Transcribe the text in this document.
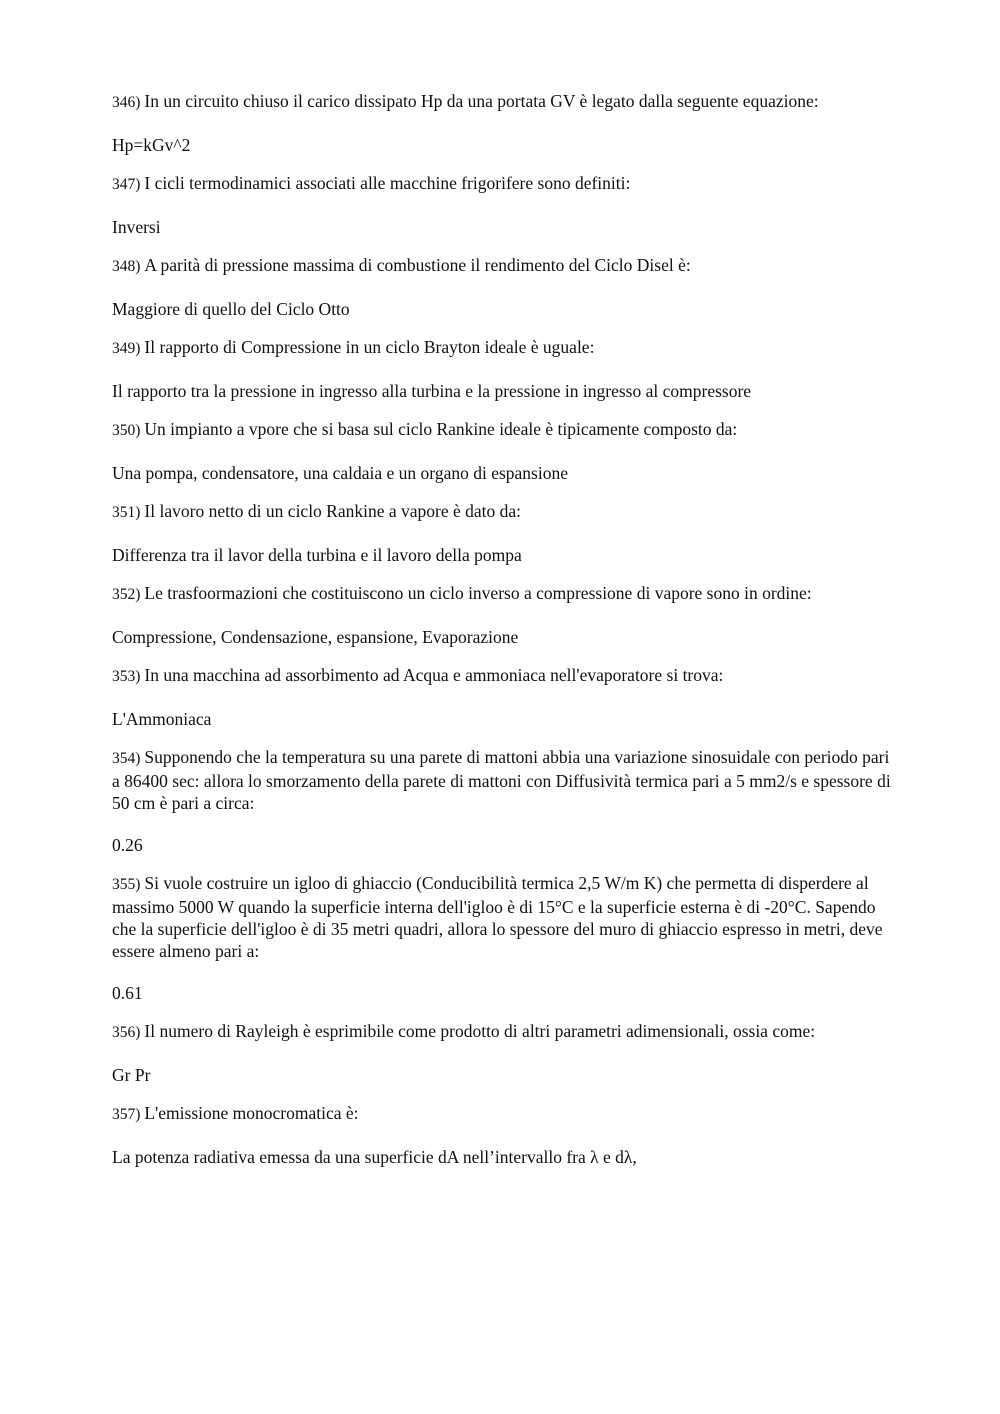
346) In un circuito chiuso il carico dissipato Hp da una portata GV è legato dalla seguente equazione:

Hp=kGv^2

347) I cicli termodinamici associati alle macchine frigorifere sono definiti:

Inversi

348) A parità di pressione massima di combustione il rendimento del Ciclo Disel è:

Maggiore di quello del Ciclo Otto

349) Il rapporto di Compressione in un ciclo Brayton ideale è uguale:

Il rapporto tra la pressione in ingresso alla turbina e la pressione in ingresso al compressore

350) Un impianto a vpore che si basa sul ciclo Rankine ideale è tipicamente composto da:

Una pompa, condensatore, una caldaia e un organo di espansione

351) Il lavoro netto di un ciclo Rankine a vapore è dato da:

Differenza tra il lavor della turbina e il lavoro della pompa

352) Le trasfoormazioni che costituiscono un ciclo inverso a compressione di vapore sono in ordine:

Compressione, Condensazione, espansione, Evaporazione

353) In una macchina ad assorbimento ad Acqua e ammoniaca nell'evaporatore si trova:

L'Ammoniaca

354) Supponendo che la temperatura su una parete di mattoni abbia una variazione sinosuidale con periodo pari a 86400 sec: allora lo smorzamento della parete di mattoni con Diffusività termica pari a 5 mm2/s e spessore di 50 cm è pari a circa:

0.26

355) Si vuole costruire un igloo di ghiaccio (Conducibilità termica 2,5 W/m K) che permetta di disperdere al massimo 5000 W quando la superficie interna dell'igloo è di 15°C e la superficie esterna è di -20°C. Sapendo che la superficie dell'igloo è di 35 metri quadri, allora lo spessore del muro di ghiaccio espresso in metri, deve essere almeno pari a:

0.61

356) Il numero di Rayleigh è esprimibile come prodotto di altri parametri adimensionali, ossia come:

Gr Pr

357) L'emissione monocromatica è:

La potenza radiativa emessa da una superficie dA nell’intervallo fra λ e dλ,
